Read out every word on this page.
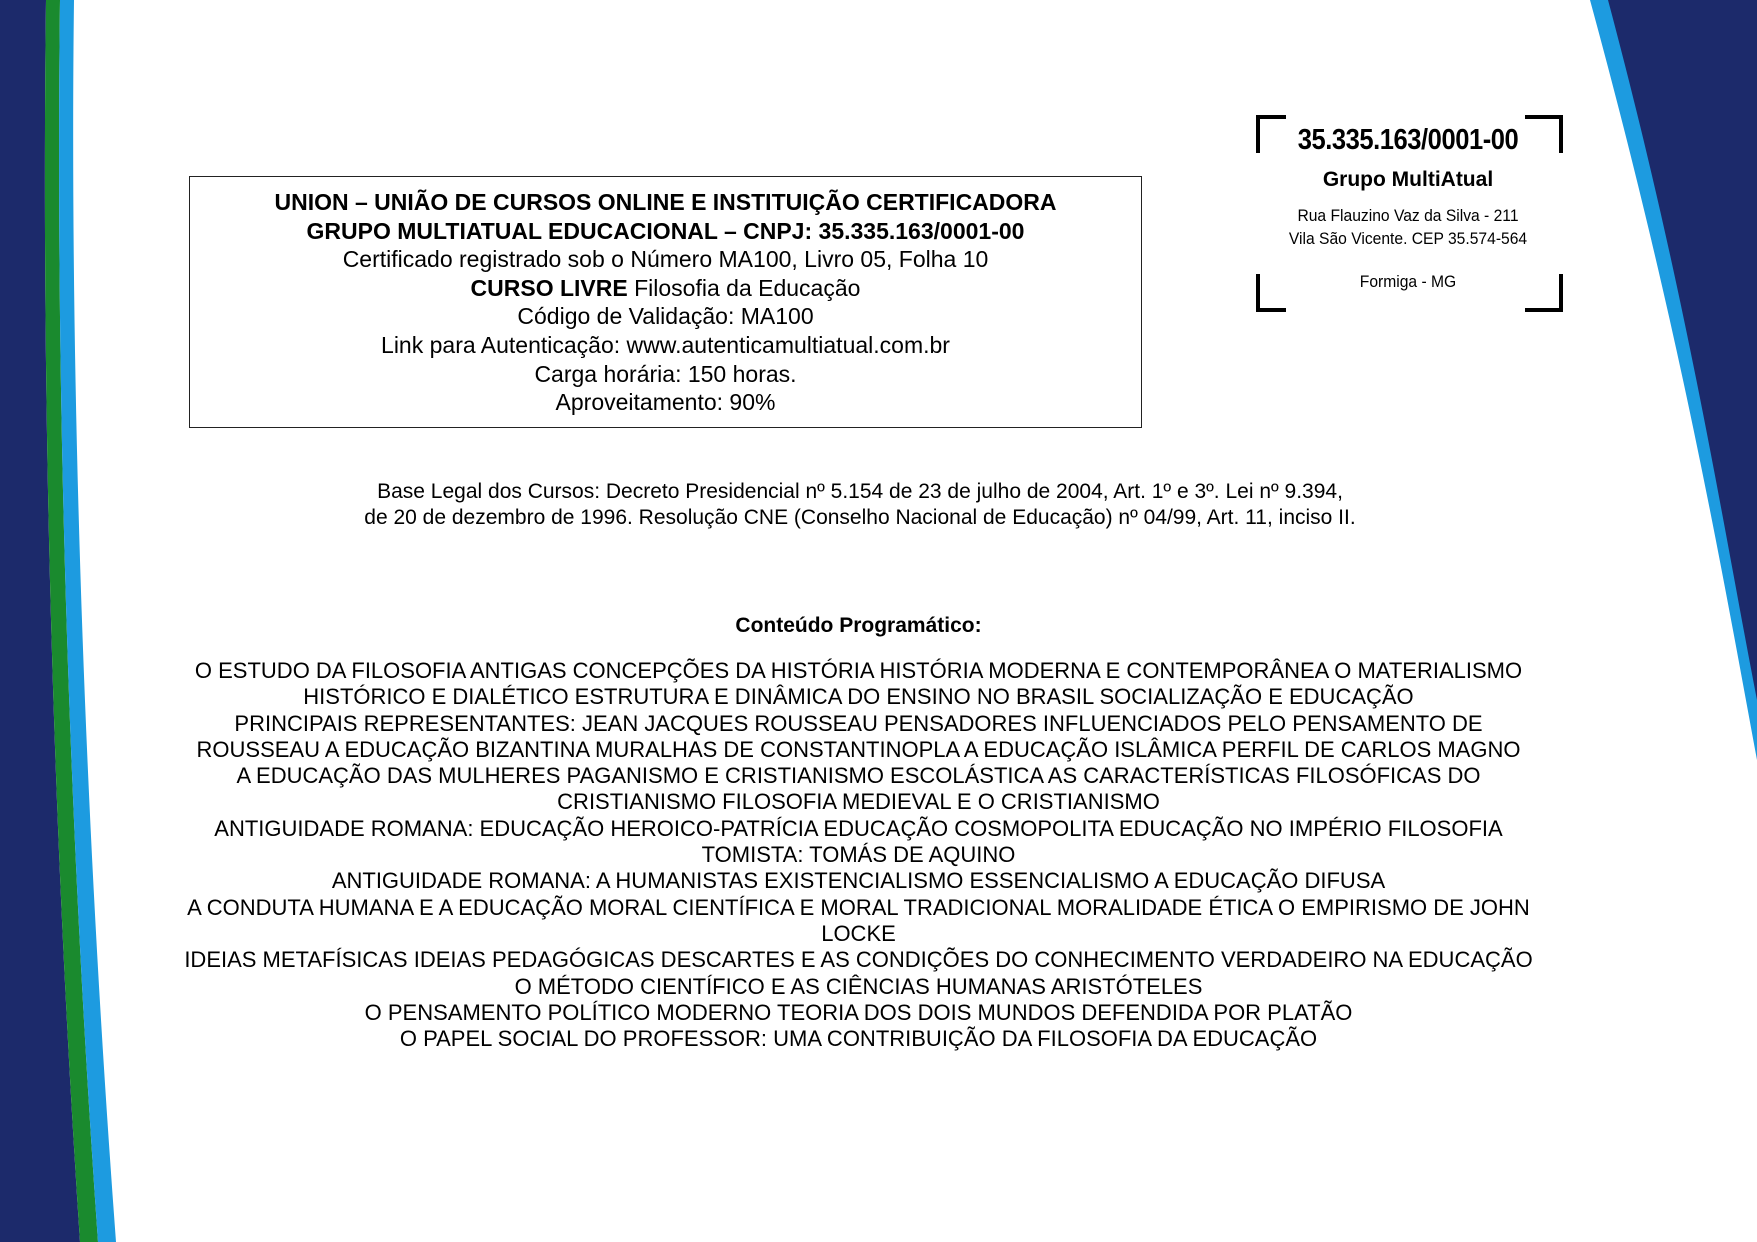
UNION – UNIÃO DE CURSOS ONLINE E INSTITUIÇÃO CERTIFICADORA
GRUPO MULTIATUAL EDUCACIONAL – CNPJ: 35.335.163/0001-00
Certificado registrado sob o Número MA100, Livro 05, Folha 10
CURSO LIVRE Filosofia da Educação
Código de Validação: MA100
Link para Autenticação: www.autenticamultiatual.com.br
Carga horária: 150 horas.
Aproveitamento: 90%
35.335.163/0001-00
Grupo MultiAtual
Rua Flauzino Vaz da Silva - 211
Vila São Vicente. CEP 35.574-564
Formiga - MG
Base Legal dos Cursos: Decreto Presidencial nº 5.154 de 23 de julho de 2004, Art. 1º e 3º. Lei nº 9.394,
de 20 de dezembro de 1996. Resolução CNE (Conselho Nacional de Educação) nº 04/99, Art. 11, inciso II.
Conteúdo Programático:
O ESTUDO DA FILOSOFIA ANTIGAS CONCEPÇÕES DA HISTÓRIA HISTÓRIA MODERNA E CONTEMPORÂNEA O MATERIALISMO
HISTÓRICO E DIALÉTICO ESTRUTURA E DINÂMICA DO ENSINO NO BRASIL SOCIALIZAÇÃO E EDUCAÇÃO
PRINCIPAIS REPRESENTANTES: JEAN JACQUES ROUSSEAU PENSADORES INFLUENCIADOS PELO PENSAMENTO DE
ROUSSEAU A EDUCAÇÃO BIZANTINA MURALHAS DE CONSTANTINOPLA A EDUCAÇÃO ISLÂMICA PERFIL DE CARLOS MAGNO
A EDUCAÇÃO DAS MULHERES PAGANISMO E CRISTIANISMO ESCOLÁSTICA AS CARACTERÍSTICAS FILOSÓFICAS DO
CRISTIANISMO FILOSOFIA MEDIEVAL E O CRISTIANISMO
ANTIGUIDADE ROMANA: EDUCAÇÃO HEROICO-PATRÍCIA EDUCAÇÃO COSMOPOLITA EDUCAÇÃO NO IMPÉRIO FILOSOFIA
TOMISTA: TOMÁS DE AQUINO
ANTIGUIDADE ROMANA: A HUMANISTAS EXISTENCIALISMO ESSENCIALISMO A EDUCAÇÃO DIFUSA
A CONDUTA HUMANA E A EDUCAÇÃO MORAL CIENTÍFICA E MORAL TRADICIONAL MORALIDADE ÉTICA O EMPIRISMO DE JOHN
LOCKE
IDEIAS METAFÍSICAS IDEIAS PEDAGÓGICAS DESCARTES E AS CONDIÇÕES DO CONHECIMENTO VERDADEIRO NA EDUCAÇÃO
O MÉTODO CIENTÍFICO E AS CIÊNCIAS HUMANAS ARISTÓTELES
O PENSAMENTO POLÍTICO MODERNO TEORIA DOS DOIS MUNDOS DEFENDIDA POR PLATÃO
O PAPEL SOCIAL DO PROFESSOR: UMA CONTRIBUIÇÃO DA FILOSOFIA DA EDUCAÇÃO
